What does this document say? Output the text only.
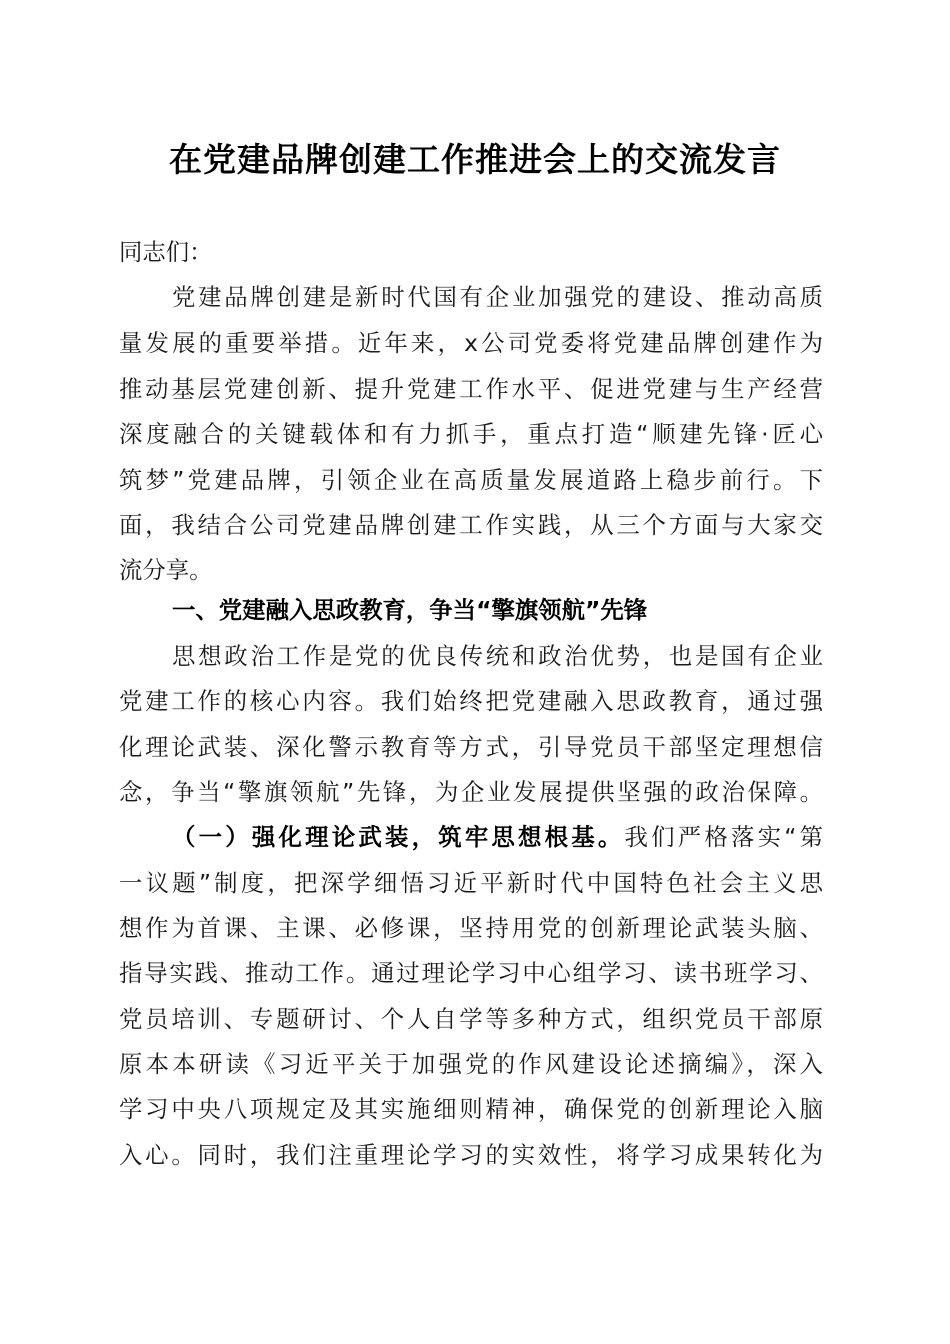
在党建品牌创建工作推进会上的交流发言
同志们：
党建品牌创建是新时代国有企业加强党的建设、推动高质
量发展的重要举措。近年来，x公司党委将党建品牌创建作为
推动基层党建创新、提升党建工作水平、促进党建与生产经营
深度融合的关键载体和有力抓手，重点打造“顺建先锋·匠心
筑梦”党建品牌，引领企业在高质量发展道路上稳步前行。下
面，我结合公司党建品牌创建工作实践，从三个方面与大家交
流分享。
一、党建融入思政教育，争当“擎旗领航”先锋
思想政治工作是党的优良传统和政治优势，也是国有企业
党建工作的核心内容。我们始终把党建融入思政教育，通过强
化理论武装、深化警示教育等方式，引导党员干部坚定理想信
念，争当“擎旗领航”先锋，为企业发展提供坚强的政治保障。
（一）强化理论武装，筑牢思想根基。我们严格落实“第
一议题”制度，把深学细悟习近平新时代中国特色社会主义思
想作为首课、主课、必修课，坚持用党的创新理论武装头脑、
指导实践、推动工作。通过理论学习中心组学习、读书班学习、
党员培训、专题研讨、个人自学等多种方式，组织党员干部原
原本本研读《习近平关于加强党的作风建设论述摘编》，深入
学习中央八项规定及其实施细则精神，确保党的创新理论入脑
入心。同时，我们注重理论学习的实效性，将学习成果转化为
